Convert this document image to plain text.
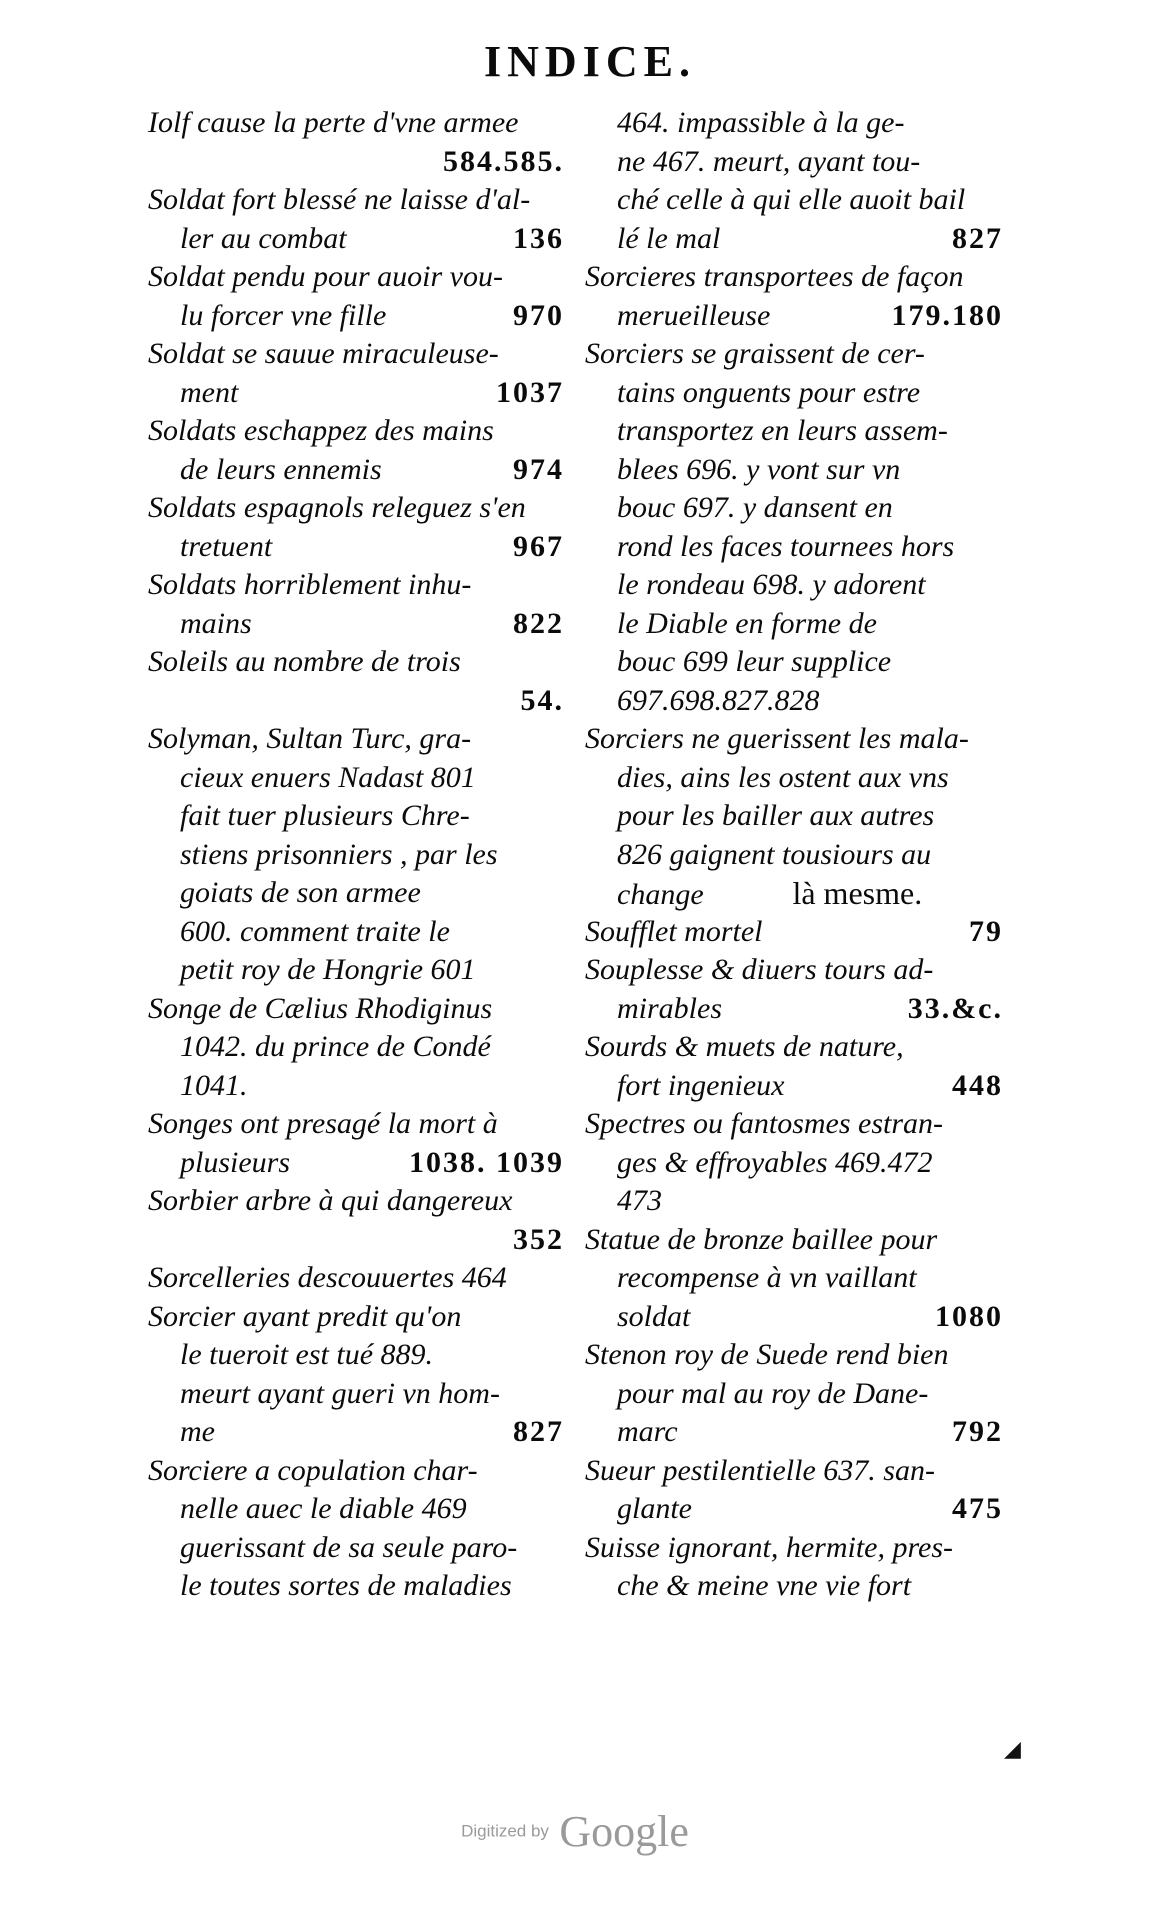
INDICE.
Iolf cause la perte d'vne armee
584.585.
Soldat fort blessé ne laisse d'al-
ler au combat	136
Soldat pendu pour auoir vou-
lu forcer vne fille	970
Soldat se sauue miraculeuse-
ment	1037
Soldats eschappez des mains
de leurs ennemis	974
Soldats espagnols releguez s'en
tretuent	967
Soldats horriblement inhu-
mains	822
Soleils au nombre de trois
54.
Solyman, Sultan Turc, gra-
cieux enuers Nadast 801
fait tuer plusieurs Chre-
stiens prisonniers , par les
goiats de son armee
600. comment traite le
petit roy de Hongrie 601
Songe de Cælius Rhodiginus
1042. du prince de Condé
1041.
Songes ont presagé la mort à
plusieurs	1038. 1039
Sorbier arbre à qui dangereux
352
Sorcelleries descouuertes 464
Sorcier ayant predit qu'on
le tueroit est tué 889.
meurt ayant gueri vn hom-
me	827
Sorciere a copulation char-
nelle auec le diable 469
guerissant de sa seule paro-
le toutes sortes de maladies
464. impassible à la ge-
ne 467. meurt, ayant tou-
ché celle à qui elle auoit bail
lé le mal	827
Sorcieres transportees de façon
merueilleuse	179.180
Sorciers se graissent de cer-
tains onguents pour estre
transportez en leurs assem-
blees 696. y vont sur vn
bouc 697. y dansent en
rond les faces tournees hors
le rondeau 698. y adorent
le Diable en forme de
bouc 699 leur supplice
697.698.827.828
Sorciers ne guerissent les mala-
dies, ains les ostent aux vns
pour les bailler aux autres
826 gaignent tousiours au
change	là mesme.
Soufflet mortel	79
Souplesse & diuers tours ad-
mirables	33.&c.
Sourds & muets de nature,
fort ingenieux	448
Spectres ou fantosmes estran-
ges & effroyables 469.472
473
Statue de bronze baillee pour
recompense à vn vaillant
soldat	1080
Stenon roy de Suede rend bien
pour mal au roy de Dane-
marc	792
Sueur pestilentielle 637. san-
glante	475
Suisse ignorant, hermite, pres-
che & meine vne vie fort
◢
Digitized by Google
